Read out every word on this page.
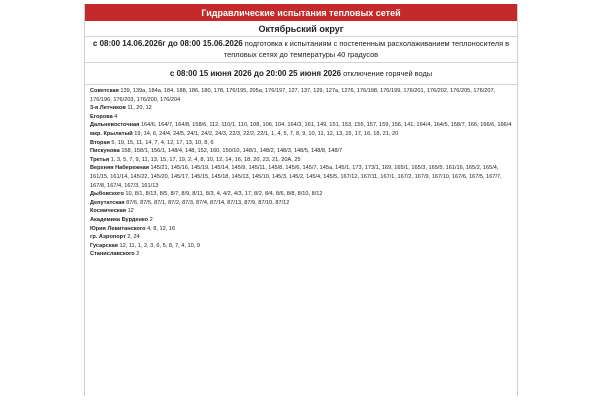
Гидравлические испытания тепловых сетей
Октябрьский округ
с 08:00 14.06.2026г до 08:00 15.06.2026 подготовка к испытаниям с постепенным расхолаживанием теплоносителя в тепловых сетях до температуры 40 градусов
с 08:00 15 июня 2026 до 20:00 25 июня 2026 отключение горячей воды
Советская 139, 139а, 184а, 184, 188, 186, 180, 178, 176/195, 205а, 176/197, 127, 137, 129, 127а, 1276, 176/198, 176/199, 176/201, 176/202, 176/205, 176/207, 176/196, 176/203, 176/200, 176/204
3-я Летчиков 11, 20, 12
Егорова 4
Дальневосточная 164/6, 164/7, 164/8, 158/6, 112, 110/1, 110, 108, 106, 104, 164/3, 161, 149, 151, 153, 155, 157, 159, 156, 141, 164/4, 164/5, 158/7, 166, 166/6, 166/4
мкр. Крылатый 19, 14, 6, 24/4, 24/5, 24/1, 24/2, 24/3, 22/3, 22/2, 22/1, 1, 4, 5, 7, 8, 9, 10, 11, 12, 13, 15, 17, 16, 18, 21, 20
Вторая 5, 19, 15, 11, 14, 7, 4, 12, 17, 13, 10, 8, 6
Пискунова 158, 158/1, 156/1, 148/4, 148, 152, 160, 150/10, 148/1, 148/2, 148/3, 148/5, 148/8, 148/7
Третья 1, 3, 5, 7, 9, 11, 13, 15, 17, 19, 2, 4, 8, 10, 12, 14, 16, 18, 20, 23, 21, 20А, 25
Верхняя Набережная 145/21, 145/16, 145/19, 145/14, 145/9, 145/11, 145/8, 145/6, 145/7, 145а, 145/1, 173, 173/1, 169, 165/1, 165/3, 165/5, 161/16, 165/2, 165/4, 161/15, 161/14, 145/22, 145/20, 145/17, 145/15, 145/18, 145/13, 145/10, 145/3, 145/2, 145/4, 145/5, 167/12, 167/11, 167/1, 167/2, 167/9, 167/10, 167/6, 167/5, 167/7, 167/8, 167/4, 167/3, 161/13
Дыбовского 10, 8/1, 8/13, 8/5, 8/7, 8/9, 8/11, 8/3, 4, 4/2, 4/3, 17, 8/2, 8/4, 8/6, 8/8, 8/10, 8/12
Депутатская 87/6, 87/5, 87/1, 87/2, 87/3, 87/4, 87/14, 87/13, 87/9, 87/10, 87/12
Космическая 12
Академика Бурденко 2
Юрия Левитанского 4, 8, 12, 16
гр. Аэропорт 2, 24
Гусарская 12, 11, 1, 2, 3, 6, 5, 8, 7, 4, 10, 9
Станиславского 2
